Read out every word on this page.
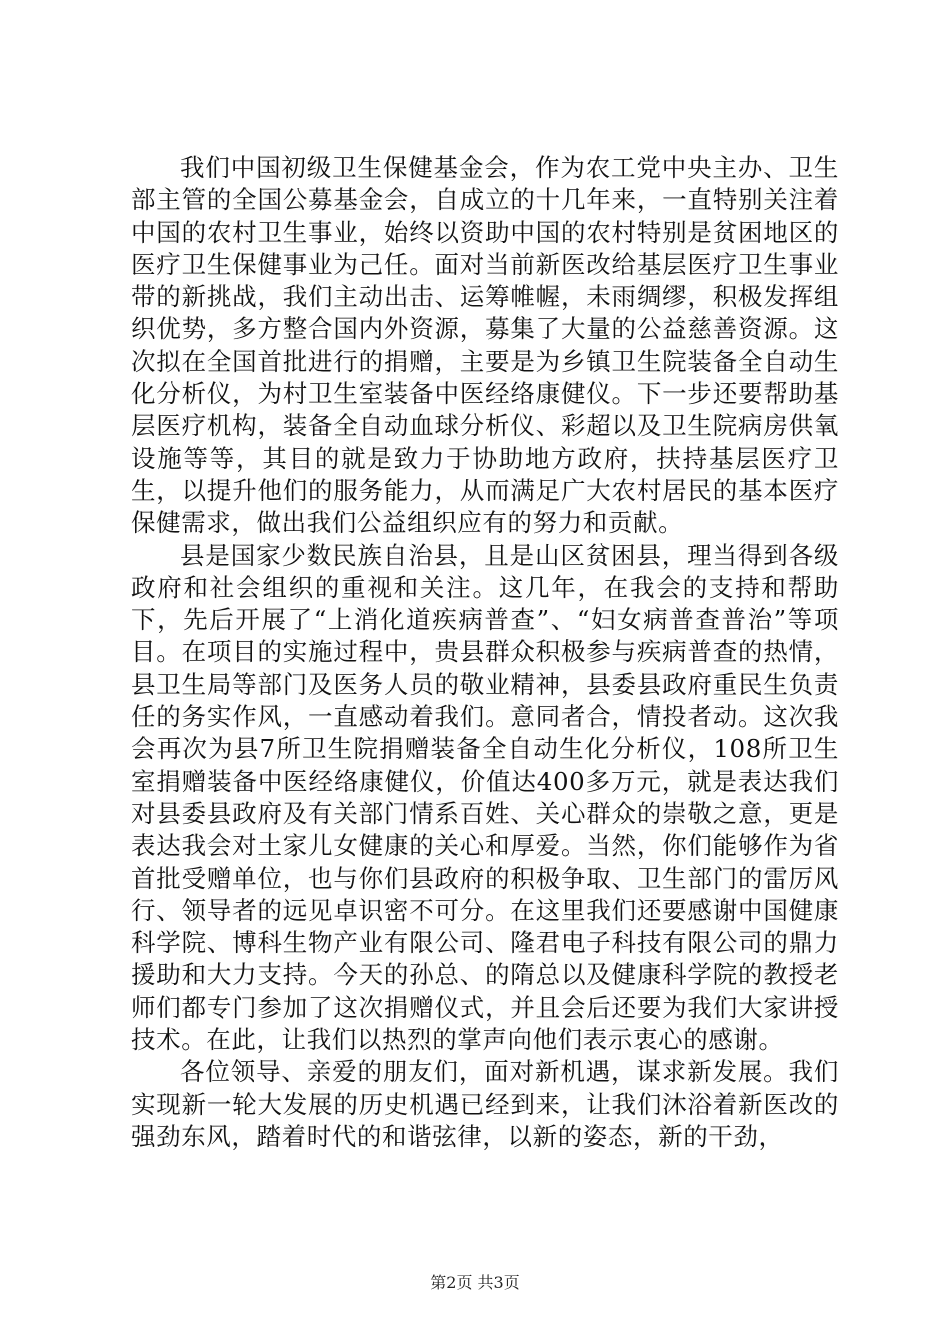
我们中国初级卫生保健基金会，作为农工党中央主办、卫生部主管的全国公募基金会，自成立的十几年来，一直特别关注着中国的农村卫生事业，始终以资助中国的农村特别是贫困地区的医疗卫生保健事业为己任。面对当前新医改给基层医疗卫生事业带的新挑战，我们主动出击、运筹帷幄，未雨绸缪，积极发挥组织优势，多方整合国内外资源，募集了大量的公益慈善资源。这次拟在全国首批进行的捐赠，主要是为乡镇卫生院装备全自动生化分析仪，为村卫生室装备中医经络康健仪。下一步还要帮助基层医疗机构，装备全自动血球分析仪、彩超以及卫生院病房供氧设施等等，其目的就是致力于协助地方政府，扶持基层医疗卫生，以提升他们的服务能力，从而满足广大农村居民的基本医疗保健需求，做出我们公益组织应有的努力和贡献。

县是国家少数民族自治县，且是山区贫困县，理当得到各级政府和社会组织的重视和关注。这几年，在我会的支持和帮助下，先后开展了“上消化道疾病普查”、“妇女病普查普治”等项目。在项目的实施过程中，贵县群众积极参与疾病普查的热情，县卫生局等部门及医务人员的敬业精神，县委县政府重民生负责任的务实作风，一直感动着我们。意同者合，情投者动。这次我会再次为县7所卫生院捐赠装备全自动生化分析仪，108所卫生室捐赠装备中医经络康健仪，价值达400多万元，就是表达我们对县委县政府及有关部门情系百姓、关心群众的崇敬之意，更是表达我会对土家儿女健康的关心和厚爱。当然，你们能够作为省首批受赠单位，也与你们县政府的积极争取、卫生部门的雷厉风行、领导者的远见卓识密不可分。在这里我们还要感谢中国健康科学院、博科生物产业有限公司、隆君电子科技有限公司的鼎力援助和大力支持。今天的孙总、的隋总以及健康科学院的教授老师们都专门参加了这次捐赠仪式，并且会后还要为我们大家讲授技术。在此，让我们以热烈的掌声向他们表示衷心的感谢。

各位领导、亲爱的朋友们，面对新机遇，谋求新发展。我们实现新一轮大发展的历史机遇已经到来，让我们沐浴着新医改的强劲东风，踏着时代的和谐弦律，以新的姿态，新的干劲，

第2页 共3页
